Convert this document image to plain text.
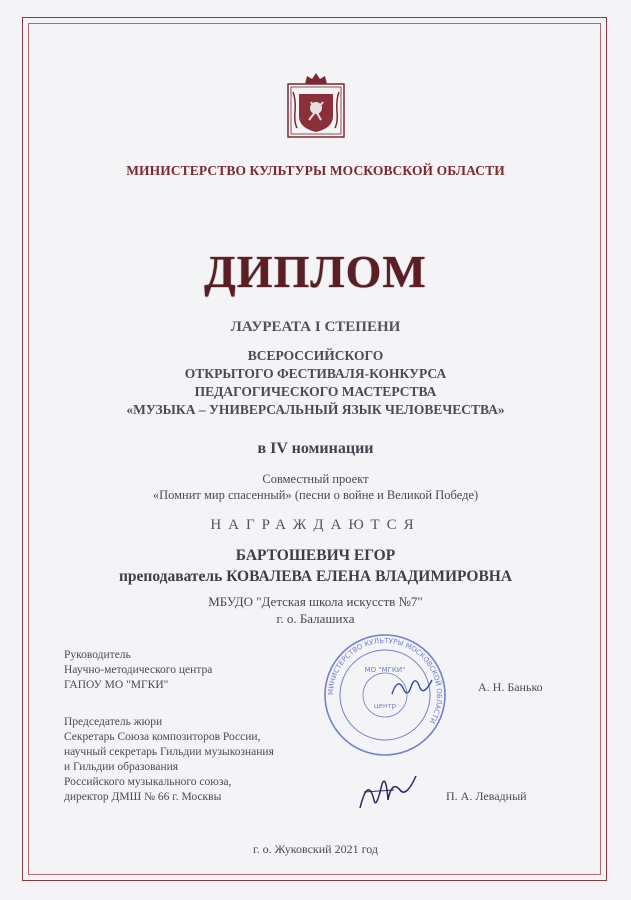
МИНИСТЕРСТВО КУЛЬТУРЫ МОСКОВСКОЙ ОБЛАСТИ
ДИПЛОМ
ЛАУРЕАТА I СТЕПЕНИ
ВСЕРОССИЙСКОГО
ОТКРЫТОГО ФЕСТИВАЛЯ-КОНКУРСА
ПЕДАГОГИЧЕСКОГО МАСТЕРСТВА
«МУЗЫКА – УНИВЕРСАЛЬНЫЙ ЯЗЫК ЧЕЛОВЕЧЕСТВА»
в IV номинации
Совместный проект
«Помнит мир спасенный» (песни о войне и Великой Победе)
НАГРАЖДАЮТСЯ
БАРТОШЕВИЧ ЕГОР
преподаватель КОВАЛЕВА ЕЛЕНА ВЛАДИМИРОВНА
МБУДО "Детская школа искусств №7"
г. о. Балашиха
Руководитель
Научно-методического центра
ГАПОУ МО "МГКИ"	А. Н. Банько
Председатель жюри
Секретарь Союза композиторов России,
научный секретарь Гильдии музыкознания
и Гильдии образования
Российского музыкального союза,
директор ДМШ № 66 г. Москвы	П. А. Левадный
МИНИСТЕРСТВО КУЛЬТУРЫ МОСКОВСКОЙ ОБЛАСТИ
МО "МГКИ"
центр
г. о. Жуковский 2021 год
